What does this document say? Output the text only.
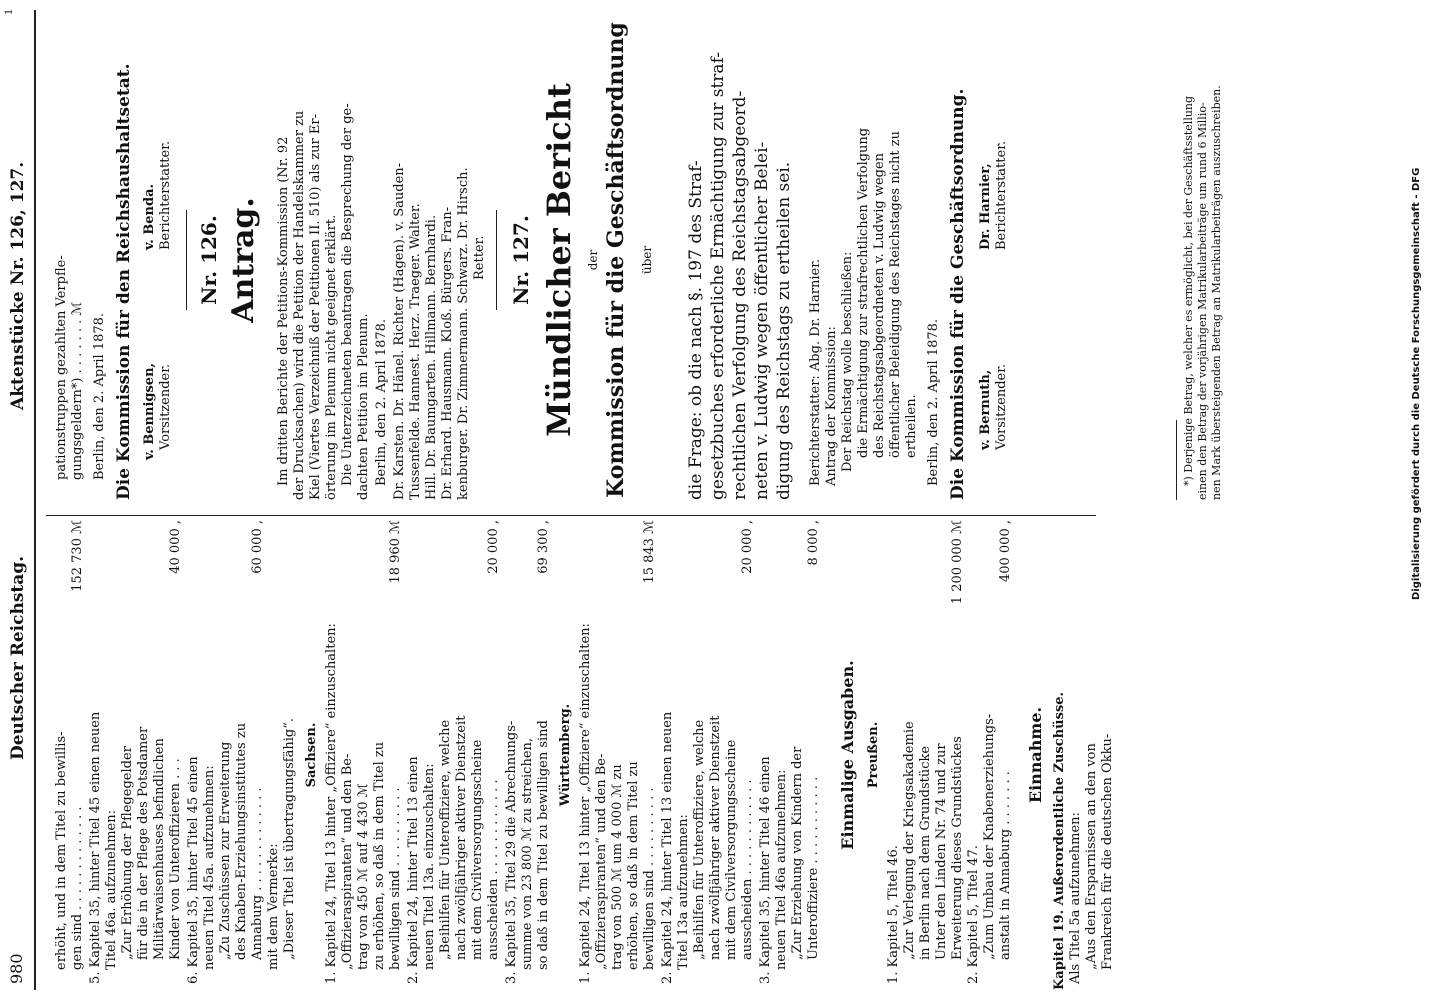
980
1
Deutscher Reichstag.
Aktenstücke Nr. 126, 127.
erhöht, und in dem Titel zu bewillis- gen sind . . . . . . . . . . . . .
152 730 ℳ
5. Kapitel 35, hinter Titel 45 einen neuen Titel 46a. aufzunehmen: „Zur Erhöhung der Pflegegelder für die in der Pflege des Potsdamer Militärwaisenhauses befindlichen Kinder von Unteroffizieren . . .
40 000 ,
6. Kapitel 35, hinter Titel 45 einen neuen Titel 45a. aufzunehmen: „Zu Zuschüssen zur Erweiterung des Knaben-Erziehungsinstitutes zu Annaburg . . . . . . . . . . . . .
60 000 ,
mit dem Vermerke: „Dieser Titel ist übertragungsfähig“. Sachsen. 1. Kapitel 24, Titel 13 hinter „Offiziere“ einzuschalten: „Offizieraspiranten“ und den Be- trag von 450 ℳ auf 4 430 ℳ zu erhöhen, so daß in dem Titel zu bewilligen sind . . . . . . . . . .
18 960 ℳ
2. Kapitel 24, hinter Titel 13 einen neuen Titel 13a. einzuschalten: „Beihilfen für Unteroffiziere, welche nach zwölfjähriger aktiver Dienstzeit mit dem Civilversorgungsscheine ausscheiden . . . . . . . . . . . .
20 000 ,
3. Kapitel 35, Titel 29 die Abrechnungs- summe von 23 800 ℳ zu streichen, so daß in dem Titel zu bewilligen sind
69 300 ,
Württemberg. 1. Kapitel 24, Titel 13 hinter „Offiziere“ einzuschalten: „Offizieraspiranten“ und den Be- trag von 500 ℳ um 4 000 ℳ zu erhöhen, so daß in dem Titel zu bewilligen sind . . . . . . . . . .
15 843 ℳ
2. Kapitel 24, hinter Titel 13 einen neuen Titel 13a aufzunehmen: „Beihilfen für Unteroffiziere, welche nach zwölfjähriger aktiver Dienstzeit mit dem Civilversorgungsscheine ausscheiden . . . . . . . . . . . .
20 000 ,
3. Kapitel 35, hinter Titel 46 einen neuen Titel 46a aufzunehmen: „Zur Erziehung von Kindern der Unteroffiziere . . . . . . . . . . .
8 000 ,
Einmalige Ausgaben. Preußen.
1. Kapitel 5, Titel 46. „Zur Verlegung der Kriegsakademie in Berlin nach dem Grundstücke Unter den Linden Nr. 74 und zur Erweiterung dieses Grundstückes
1 200 000 ℳ
2. Kapitel 5, Titel 47. „Zum Umbau der Knabenerziehungs- anstalt in Annaburg . . . . . . .
400 000 ,
Einnahme. Kapitel 19. Außerordentliche Zuschüsse. Als Titel 5a aufzunehmen: „Aus den Ersparnissen an den von Frankreich für die deutschen Okku-
pationstruppen gezahlten Verpfle- gungsgeldern*) . . . . . . . ℳ Berlin, den 2. April 1878. Die Kommission für den Reichshaushaltsetat. v. Bennigsen,
v. Benda.
Vorsitzender.
Berichterstatter.
Nr. 126. Antrag. Im dritten Berichte der Petitions-Kommission (Nr. 92 der Drucksachen) wird die Petition der Handelskammer zu Kiel (Viertes Verzeichniß der Petitionen II. 510) als zur Er- örterung im Plenum nicht geeignet erklärt. Die Unterzeichneten beantragen die Besprechung der ge- dachten Petition im Plenum. Berlin, den 2. April 1878. Dr. Karsten. Dr. Hänel. Richter (Hagen). v. Sauden- Tussenfelde. Hannest. Herz. Traeger. Walter. Hill. Dr. Baumgarten. Hillmann. Bernhardi. Dr. Erhard. Hausmann. Kloß. Bürgers. Fran- kenburger. Dr. Zimmermann. Schwarz. Dr. Hirsch. Retter. Nr. 127. Mündlicher Bericht der Kommission für die Geschäftsordnung über die Frage: ob die nach §. 197 des Straf- gesetzbuches erforderliche Ermächtigung zur straf- rechtlichen Verfolgung des Reichstagsabgeord- neten v. Ludwig wegen öffentlicher Belei- digung des Reichstags zu ertheilen sei. Berichterstatter: Abg. Dr. Harnier. Antrag der Kommission: Der Reichstag wolle beschließen: die Ermächtigung zur strafrechtlichen Verfolgung des Reichstagsabgeordneten v. Ludwig wegen öffentlicher Beleidigung des Reichstages nicht zu ertheilen. Berlin, den 2. April 1878. Die Kommission für die Geschäftsordnung. v. Bernuth,
Dr. Harnier,
Vorsitzender.
Berichterstatter.	*) Derjenige Betrag, welcher es ermöglicht, bei der Geschäftsstellung einen den Betrag der vorjährigen Matrikularbeiträge um rund 6 Millio- nen Mark übersteigenden Betrag an Matrikularbeiträgen auszuschreiben.	Digitalisierung gefördert durch die Deutsche Forschungsgemeinschaft - DFG
